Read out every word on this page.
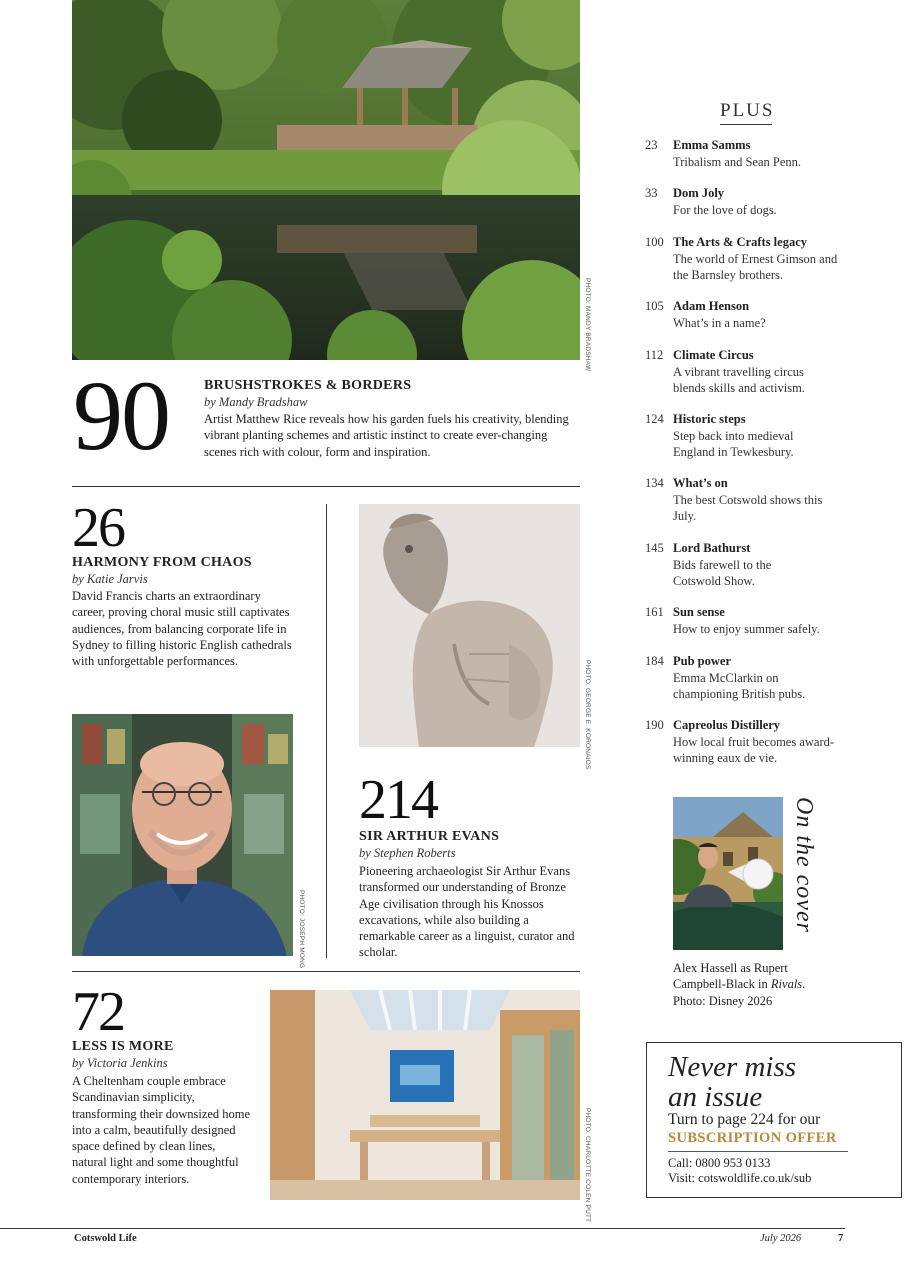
PHOTO: MANDY BRADSHAW
90	BRUSHSTROKES & BORDERS
by Mandy Bradshaw
Artist Matthew Rice reveals how his garden fuels his creativity, blending vibrant planting schemes and artistic instinct to create ever-changing scenes rich with colour, form and inspiration.
26
HARMONY FROM CHAOS
by Katie Jarvis
David Francis charts an extraordinary career, proving choral music still captivates audiences, from balancing corporate life in Sydney to filling historic English cathedrals with unforgettable performances.
PHOTO: JOSEPH MONG
PHOTO: GEORGE E. KORONAIOS
214
SIR ARTHUR EVANS
by Stephen Roberts
Pioneering archaeologist Sir Arthur Evans transformed our understanding of Bronze Age civilisation through his Knossos excavations, while also building a remarkable career as a linguist, curator and scholar.
72
LESS IS MORE
by Victoria Jenkins
A Cheltenham couple embrace Scandinavian simplicity, transforming their downsized home into a calm, beautifully designed space defined by clean lines, natural light and some thoughtful contemporary interiors.	PHOTO: CHARLOTTE COLEN PUTT
PLUS
23	Emma Samms
Tribalism and Sean Penn.
33	Dom Joly
For the love of dogs.
100 The Arts & Crafts legacy
The world of Ernest Gimson and the Barnsley brothers.
105 Adam Henson
What’s in a name?
112 Climate Circus
A vibrant travelling circus blends skills and activism.
124 Historic steps
Step back into medieval England in Tewkesbury.
134 What’s on
The best Cotswold shows this July.
145 Lord Bathurst
Bids farewell to the Cotswold Show.
161 Sun sense
How to enjoy summer safely.
184 Pub power
Emma McClarkin on championing British pubs.
190 Capreolus Distillery
How local fruit becomes award-winning eaux de vie.
On the cover
Alex Hassell as Rupert Campbell-Black in Rivals.
Photo: Disney 2026
Never miss
an issue
Turn to page 224 for our
SUBSCRIPTION OFFER
Call: 0800 953 0133
Visit: cotswoldlife.co.uk/sub
Cotswold Life	July 2026	7
